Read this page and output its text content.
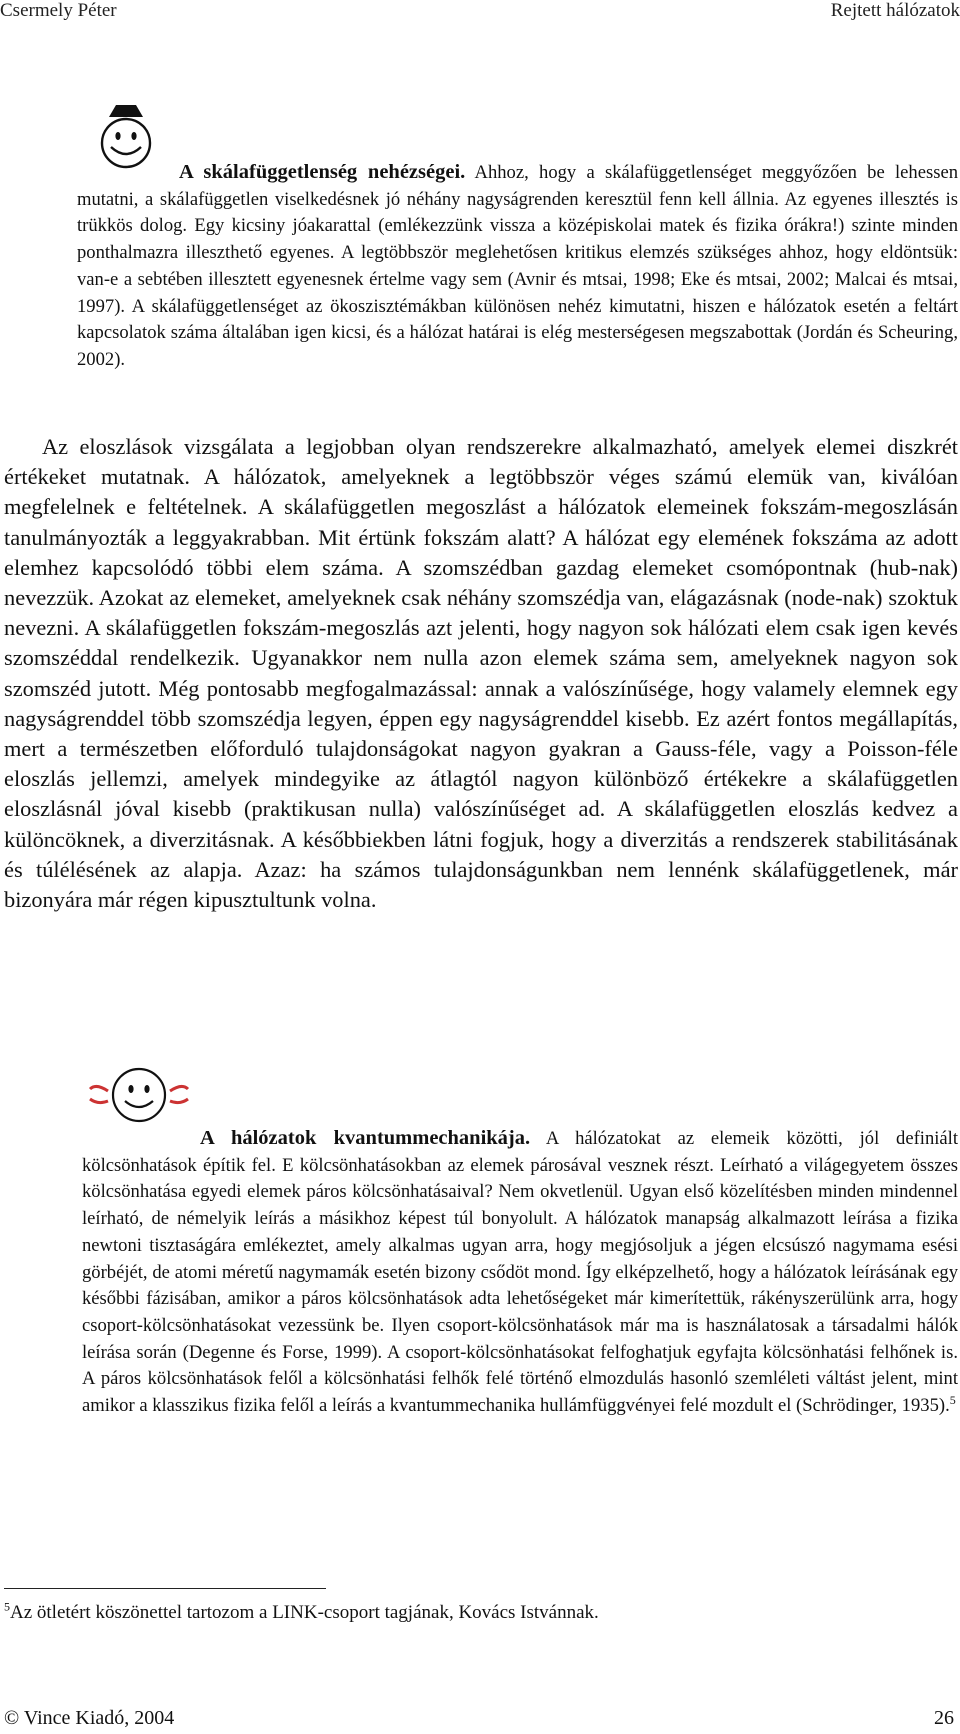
Csermely Péter	Rejtett hálózatok

A skálafüggetlenség nehézségei. Ahhoz, hogy a skálafüggetlenséget meggyőzően be lehessen mutatni, a skálafüggetlen viselkedésnek jó néhány nagyságrenden keresztül fenn kell állnia. Az egyenes illesztés is trükkös dolog. Egy kicsiny jóakarattal (emlékezzünk vissza a középiskolai matek és fizika órákra!) szinte minden ponthalmazra illeszthető egyenes. A legtöbbször meglehetősen kritikus elemzés szükséges ahhoz, hogy eldöntsük: van-e a sebtében illesztett egyenesnek értelme vagy sem (Avnir és mtsai, 1998; Eke és mtsai, 2002; Malcai és mtsai, 1997). A skálafüggetlenséget az ökoszisztémákban különösen nehéz kimutatni, hiszen e hálózatok esetén a feltárt kapcsolatok száma általában igen kicsi, és a hálózat határai is elég mesterségesen megszabottak (Jordán és Scheuring, 2002).

Az eloszlások vizsgálata a legjobban olyan rendszerekre alkalmazható, amelyek elemei diszkrét értékeket mutatnak. A hálózatok, amelyeknek a legtöbbször véges számú elemük van, kiválóan megfelelnek e feltételnek. A skálafüggetlen megoszlást a hálózatok elemeinek fokszám-megoszlásán tanulmányozták a leggyakrabban. Mit értünk fokszám alatt? A hálózat egy elemének fokszáma az adott elemhez kapcsolódó többi elem száma. A szomszédban gazdag elemeket csomópontnak (hub-nak) nevezzük. Azokat az elemeket, amelyeknek csak néhány szomszédja van, elágazásnak (node-nak) szoktuk nevezni. A skálafüggetlen fokszám-megoszlás azt jelenti, hogy nagyon sok hálózati elem csak igen kevés szomszéddal rendelkezik. Ugyanakkor nem nulla azon elemek száma sem, amelyeknek nagyon sok szomszéd jutott. Még pontosabb megfogalmazással: annak a valószínűsége, hogy valamely elemnek egy nagyságrenddel több szomszédja legyen, éppen egy nagyságrenddel kisebb. Ez azért fontos megállapítás, mert a természetben előforduló tulajdonságokat nagyon gyakran a Gauss-féle, vagy a Poisson-féle eloszlás jellemzi, amelyek mindegyike az átlagtól nagyon különböző értékekre a skálafüggetlen eloszlásnál jóval kisebb (praktikusan nulla) valószínűséget ad. A skálafüggetlen eloszlás kedvez a különcöknek, a diverzitásnak. A későbbiekben látni fogjuk, hogy a diverzitás a rendszerek stabilitásának és túlélésének az alapja. Azaz: ha számos tulajdonságunkban nem lennénk skálafüggetlenek, már bizonyára már régen kipusztultunk volna.

A hálózatok kvantummechanikája. A hálózatokat az elemeik közötti, jól definiált kölcsönhatások építik fel. E kölcsönhatásokban az elemek párosával vesznek részt. Leírható a világegyetem összes kölcsönhatása egyedi elemek páros kölcsönhatásaival? Nem okvetlenül. Ugyan első közelítésben minden mindennel leírható, de némelyik leírás a másikhoz képest túl bonyolult. A hálózatok manapság alkalmazott leírása a fizika newtoni tisztaságára emlékeztet, amely alkalmas ugyan arra, hogy megjósoljuk a jégen elcsúszó nagymama esési görbéjét, de atomi méretű nagymamák esetén bizony csődöt mond. Így elképzelhető, hogy a hálózatok leírásának egy későbbi fázisában, amikor a páros kölcsönhatások adta lehetőségeket már kimerítettük, rákényszerülünk arra, hogy csoport-kölcsönhatásokat vezessünk be. Ilyen csoport-kölcsönhatások már ma is használatosak a társadalmi hálók leírása során (Degenne és Forse, 1999). A csoport-kölcsönhatásokat felfoghatjuk egyfajta kölcsönhatási felhőnek is. A páros kölcsönhatások felől a kölcsönhatási felhők felé történő elmozdulás hasonló szemléleti váltást jelent, mint amikor a klasszikus fizika felől a leírás a kvantummechanika hullámfüggvényei felé mozdult el (Schrödinger, 1935).$^5$

$^5$Az ötletért köszönettel tartozom a LINK-csoport tagjának, Kovács Istvánnak.
© Vince Kiadó, 2004	26
